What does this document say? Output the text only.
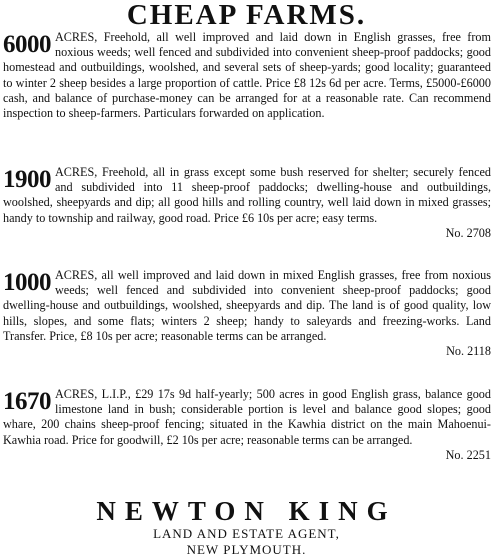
CHEAP FARMS.
6000 ACRES, Freehold, all well improved and laid down in English grasses, free from noxious weeds; well fenced and subdivided into convenient sheep-proof paddocks; good homestead and outbuildings, woolshed, and several sets of sheep-yards; good locality; guaranteed to winter 2 sheep besides a large proportion of cattle. Price £8 12s 6d per acre. Terms, £5000-£6000 cash, and balance of purchase-money can be arranged for at a reasonable rate. Can recommend inspection to sheep-farmers. Particulars forwarded on application.

1900 ACRES, Freehold, all in grass except some bush reserved for shelter; securely fenced and subdivided into 11 sheep-proof paddocks; dwelling-house and outbuildings, woolshed, sheepyards and dip; all good hills and rolling country, well laid down in mixed grasses; handy to township and railway, good road. Price £6 10s per acre; easy terms.

No. 2708

1000 ACRES, all well improved and laid down in mixed English grasses, free from noxious weeds; well fenced and subdivided into convenient sheep-proof paddocks; good dwelling-house and outbuildings, woolshed, sheepyards and dip. The land is of good quality, low hills, slopes, and some flats; winters 2 sheep; handy to saleyards and freezing-works. Land Transfer. Price, £8 10s per acre; reasonable terms can be arranged.

No. 2118

1670 ACRES, L.I.P., £29 17s 9d half-yearly; 500 acres in good English grass, balance good limestone land in bush; considerable portion is level and balance good slopes; good whare, 200 chains sheep-proof fencing; situated in the Kawhia district on the main Mahoenui-Kawhia road. Price for goodwill, £2 10s per acre; reasonable terms can be arranged.

No. 2251

NEWTON KING

LAND AND ESTATE AGENT,

NEW PLYMOUTH.
